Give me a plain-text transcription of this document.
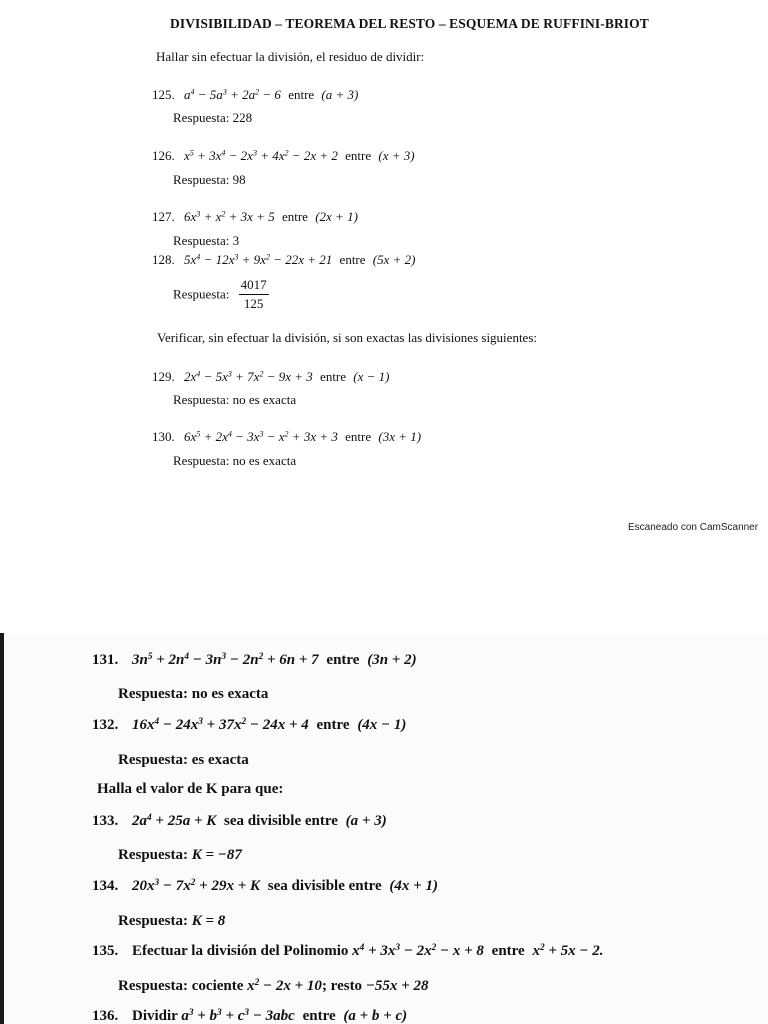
DIVISIBILIDAD – TEOREMA DEL RESTO – ESQUEMA DE RUFFINI-BRIOT
Hallar sin efectuar la división, el residuo de dividir:
125. $a^4 - 5a^3 + 2a^2 - 6$ entre (a + 3)
Respuesta: 228
126. $x^5 + 3x^4 - 2x^3 + 4x^2 - 2x + 2$ entre (x + 3)
Respuesta: 98
127. $6x^3 + x^2 + 3x + 5$ entre (2x + 1)
Respuesta: 3
128. $5x^4 - 12x^3 + 9x^2 - 22x + 21$ entre (5x + 2)
Respuesta: $\frac{4017}{125}$
Verificar, sin efectuar la división, si son exactas las divisiones siguientes:
129. $2x^4 - 5x^3 + 7x^2 - 9x + 3$ entre (x − 1)
Respuesta: no es exacta
130. $6x^5 + 2x^4 - 3x^3 - x^2 + 3x + 3$ entre (3x + 1)
Respuesta: no es exacta
Escaneado con CamScanner
131. $3n^5 + 2n^4 - 3n^3 - 2n^2 + 6n + 7$ entre (3n + 2)
Respuesta: no es exacta
132. $16x^4 - 24x^3 + 37x^2 - 24x + 4$ entre (4x − 1)
Respuesta: es exacta
Halla el valor de K para que:
133. $2a^4 + 25a + K$ sea divisible entre (a + 3)
Respuesta: K = −87
134. $20x^3 - 7x^2 + 29x + K$ sea divisible entre (4x + 1)
Respuesta: K = 8
135. Efectuar la división del Polinomio $x^4 + 3x^3 - 2x^2 - x + 8$ entre $x^2 + 5x - 2$.
Respuesta: cociente $x^2 - 2x + 10$; resto −55x + 28
136. Dividir $a^3 + b^3 + c^3 - 3abc$ entre (a + b + c)
